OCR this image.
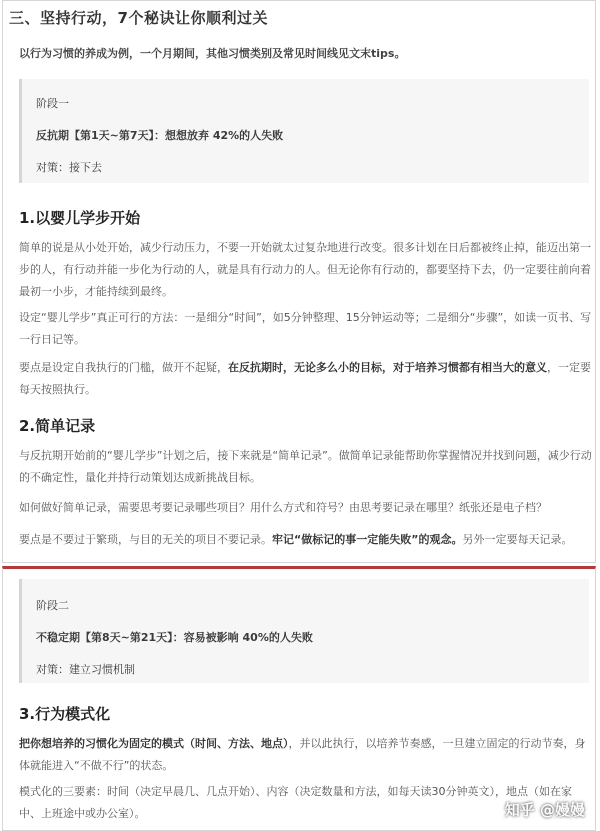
三、坚持行动，7个秘诀让你顺利过关

以行为习惯的养成为例，一个月期间，其他习惯类别及常见时间线见文末tips。

阶段一
反抗期【第1天~第7天】：想想放弃 42%的人失败
对策：接下去
1.以婴儿学步开始

简单的说是从小处开始，减少行动压力，不要一开始就太过复杂地进行改变。很多计划在日后都被终止掉，能迈出第一步的人，有行动并能一步化为行动的人，就是具有行动力的人。但无论你有行动的，都要坚持下去，仍一定要往前向着最初一小步，才能持续到最终。

设定“婴儿学步”真正可行的方法：一是细分“时间”，如5分钟整理、15分钟运动等；二是细分“步骤”，如读一页书、写一行日记等。

要点是设定自我执行的门槛，做开不起疑，在反抗期时，无论多么小的目标，对于培养习惯都有相当大的意义，一定要每天按照执行。

2.简单记录

与反抗期开始前的“婴儿学步”计划之后，接下来就是“简单记录”。做简单记录能帮助你掌握情况并找到问题，减少行动的不确定性，量化并持行动策划达成新挑战目标。

如何做好简单记录，需要思考要记录哪些项目？用什么方式和符号？由思考要记录在哪里？纸张还是电子档？

要点是不要过于繁琐，与目的无关的项目不要记录。牢记“做标记的事一定能失败”的观念。另外一定要每天记录。

阶段二
不稳定期【第8天~第21天】：容易被影响 40%的人失败
对策：建立习惯机制
3.行为模式化

把你想培养的习惯化为固定的模式（时间、方法、地点），并以此执行，以培养节奏感，一旦建立固定的行动节奏，身体就能进入“不做不行”的状态。

模式化的三要素：时间（决定早晨几、几点开始）、内容（决定数量和方法，如每天读30分钟英文），地点（如在家中、上班途中或办公室）。	知乎 @嫚嫚
